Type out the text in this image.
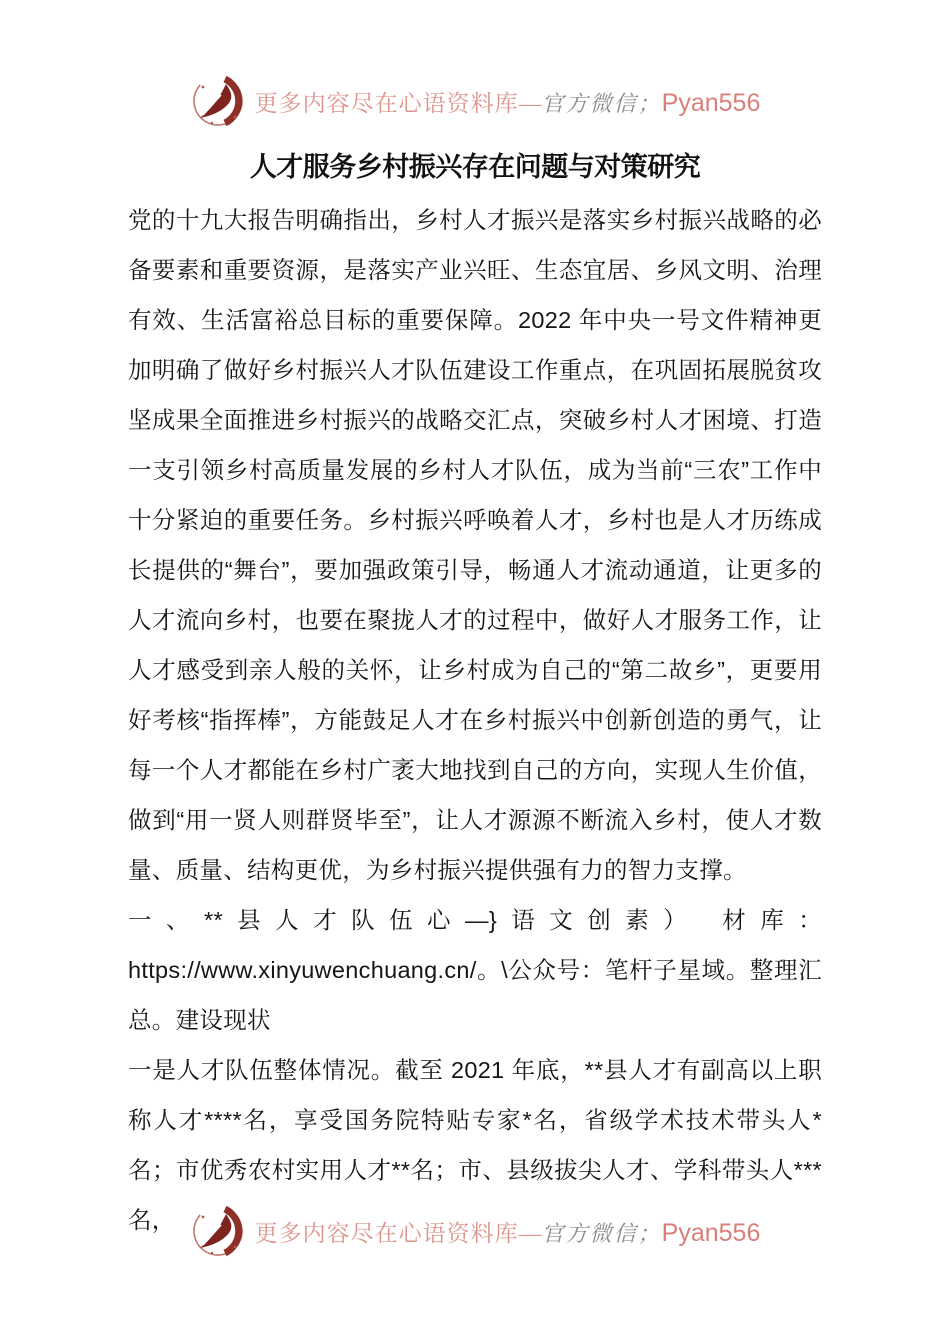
更多内容尽在心语资料库—官方微信；Pyan556
人才服务乡村振兴存在问题与对策研究

党的十九大报告明确指出，乡村人才振兴是落实乡村振兴战略的必备要素和重要资源，是落实产业兴旺、生态宜居、乡风文明、治理有效、生活富裕总目标的重要保障。2022 年中央一号文件精神更加明确了做好乡村振兴人才队伍建设工作重点，在巩固拓展脱贫攻坚成果全面推进乡村振兴的战略交汇点，突破乡村人才困境、打造一支引领乡村高质量发展的乡村人才队伍，成为当前“三农”工作中十分紧迫的重要任务。乡村振兴呼唤着人才，乡村也是人才历练成长提供的“舞台”，要加强政策引导，畅通人才流动通道，让更多的人才流向乡村，也要在聚拢人才的过程中，做好人才服务工作，让人才感受到亲人般的关怀，让乡村成为自己的“第二故乡”，更要用好考核“指挥棒”，方能鼓足人才在乡村振兴中创新创造的勇气，让每一个人才都能在乡村广袤大地找到自己的方向，实现人生价值，做到“用一贤人则群贤毕至”，让人才源源不断流入乡村，使人才数量、质量、结构更优，为乡村振兴提供强有力的智力支撑。

一、**县人才队伍心—}语文创素） 材库：https://www.xinyuwenchuang.cn/。\公众号：笔杆子星域。整理汇总。建设现状

一是人才队伍整体情况。截至 2021 年底，**县人才有副高以上职称人才****名，享受国务院特贴专家*名，省级学术技术带头人*名；市优秀农村实用人才**名；市、县级拔尖人才、学科带头人***名，	更多内容尽在心语资料库—官方微信；Pyan556
